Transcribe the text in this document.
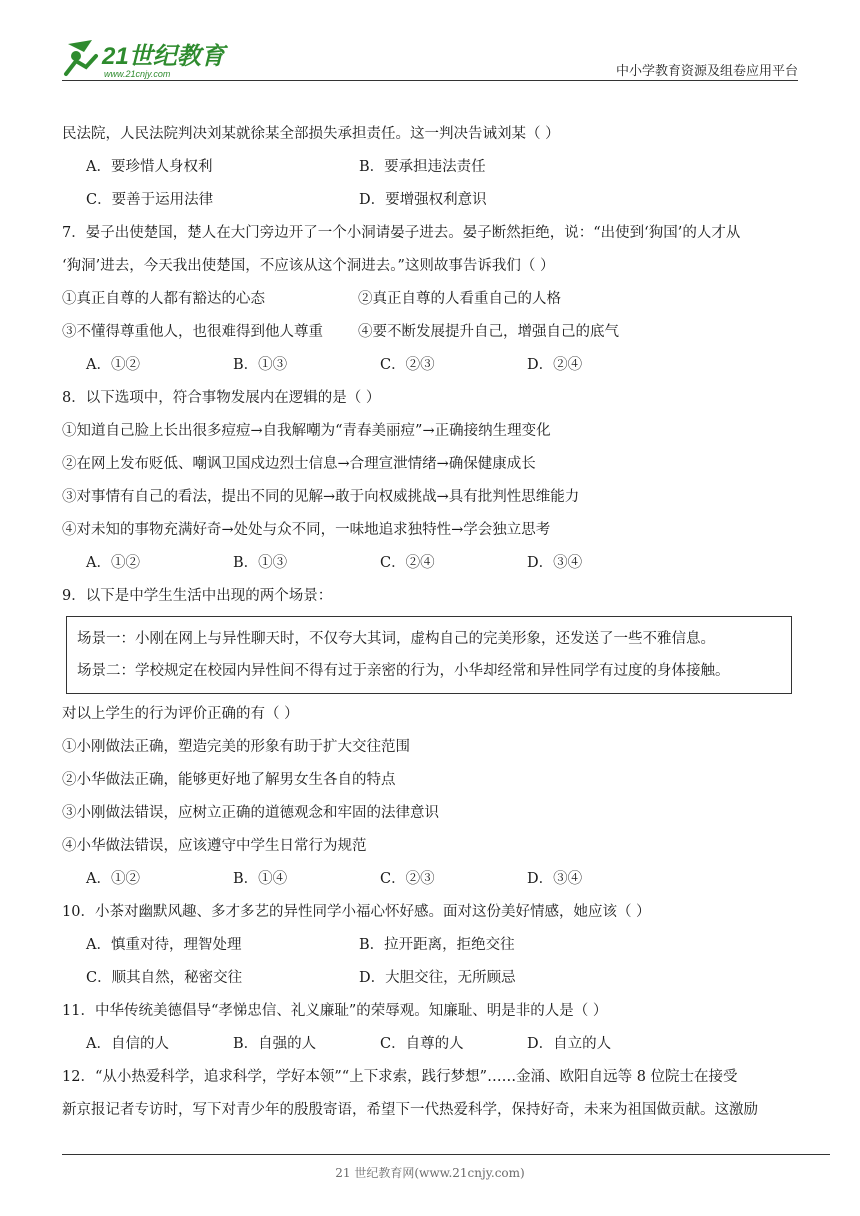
21世纪教育
www.21cnjy.com	中小学教育资源及组卷应用平台
民法院，人民法院判决刘某就徐某全部损失承担责任。这一判决告诫刘某（ ）
A．要珍惜人身权利	B．要承担违法责任
C．要善于运用法律	D．要增强权利意识
7．晏子出使楚国，楚人在大门旁边开了一个小洞请晏子进去。晏子断然拒绝，说：“出使到‘狗国’的人才从
‘狗洞’进去，今天我出使楚国，不应该从这个洞进去。”这则故事告诉我们（ ）
①真正自尊的人都有豁达的心态	②真正自尊的人看重自己的人格
③不懂得尊重他人，也很难得到他人尊重	④要不断发展提升自己，增强自己的底气
A．①②	B．①③	C．②③	D．②④
8．以下选项中，符合事物发展内在逻辑的是（ ）
①知道自己脸上长出很多痘痘→自我解嘲为“青春美丽痘”→正确接纳生理变化
②在网上发布贬低、嘲讽卫国戍边烈士信息→合理宣泄情绪→确保健康成长
③对事情有自己的看法，提出不同的见解→敢于向权威挑战→具有批判性思维能力
④对未知的事物充满好奇→处处与众不同，一味地追求独特性→学会独立思考
A．①②	B．①③	C．②④	D．③④
9．以下是中学生生活中出现的两个场景：
场景一：小刚在网上与异性聊天时，不仅夸大其词，虚构自己的完美形象，还发送了一些不雅信息。
场景二：学校规定在校园内异性间不得有过于亲密的行为，小华却经常和异性同学有过度的身体接触。
对以上学生的行为评价正确的有（ ）
①小刚做法正确，塑造完美的形象有助于扩大交往范围
②小华做法正确，能够更好地了解男女生各自的特点
③小刚做法错误，应树立正确的道德观念和牢固的法律意识
④小华做法错误，应该遵守中学生日常行为规范
A．①②	B．①④	C．②③	D．③④
10．小茶对幽默风趣、多才多艺的异性同学小福心怀好感。面对这份美好情感，她应该（ ）
A．慎重对待，理智处理	B．拉开距离，拒绝交往
C．顺其自然，秘密交往	D．大胆交往，无所顾忌
11．中华传统美德倡导“孝悌忠信、礼义廉耻”的荣辱观。知廉耻、明是非的人是（ ）
A．自信的人	B．自强的人	C．自尊的人	D．自立的人
12．“从小热爱科学，追求科学，学好本领”“上下求索，践行梦想”……金涌、欧阳自远等 8 位院士在接受
新京报记者专访时，写下对青少年的殷殷寄语，希望下一代热爱科学，保持好奇，未来为祖国做贡献。这激励
21 世纪教育网(www.21cnjy.com)
